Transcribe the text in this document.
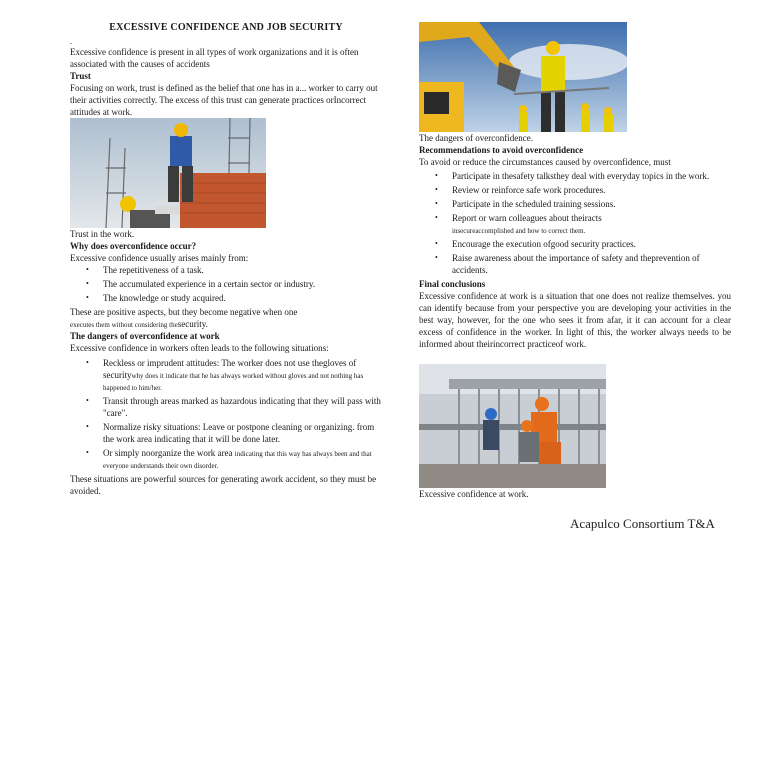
EXCESSIVE CONFIDENCE AND JOB SECURITY

.

Excessive confidence is present in all types of work organizations and it is often associated with the causes of accidents

Trust

Focusing on work, trust is defined as the belief that one has in a... worker to carry out their activities correctly. The excess of this trust can generate practices orIncorrect attitudes at work.

Trust in the work.

Why does overconfidence occur?

Excessive confidence usually arises mainly from:

• The repetitiveness of a task.
• The accumulated experience in a certain sector or industry.
• The knowledge or study acquired.

These are positive aspects, but they become negative when one

executes them without considering thesecurity.

The dangers of overconfidence at work

Excessive confidence in workers often leads to the following situations:

• Reckless or imprudent attitudes: The worker does not use thegloves of securitywhy does it indicate that he has always worked without gloves and not nothing has happened to him/her.
• Transit through areas marked as hazardous indicating that they will pass with "care".
• Normalize risky situations: Leave or postpone cleaning or organizing. from the work area indicating that it will be done later.
• Or simply noorganize the work area indicating that this way has always been and that everyone understands their own disorder.

These situations are powerful sources for generating awork accident, so they must be avoided.

The dangers of overconfidence.

Recommendations to avoid overconfidence

To avoid or reduce the circumstances caused by overconfidence, must

• Participate in thesafety talksthey deal with everyday topics in the work.
• Review or reinforce safe work procedures.
• Participate in the scheduled training sessions.
• Report or warn colleagues about theiracts
insecureaccomplished and how to correct them.
• Encourage the execution ofgood security practices.
• Raise awareness about the importance of safety and theprevention of accidents.

Final conclusions

Excessive confidence at work is a situation that one does not realize themselves. you can identify because from your perspective you are developing your activities in the best way, however, for the one who sees it from afar, it it can account for a clear excess of confidence in the worker. In light of this, the worker always needs to be informed about theirincorrect practiceof work.

Excessive confidence at work.

Acapulco Consortium T&A
